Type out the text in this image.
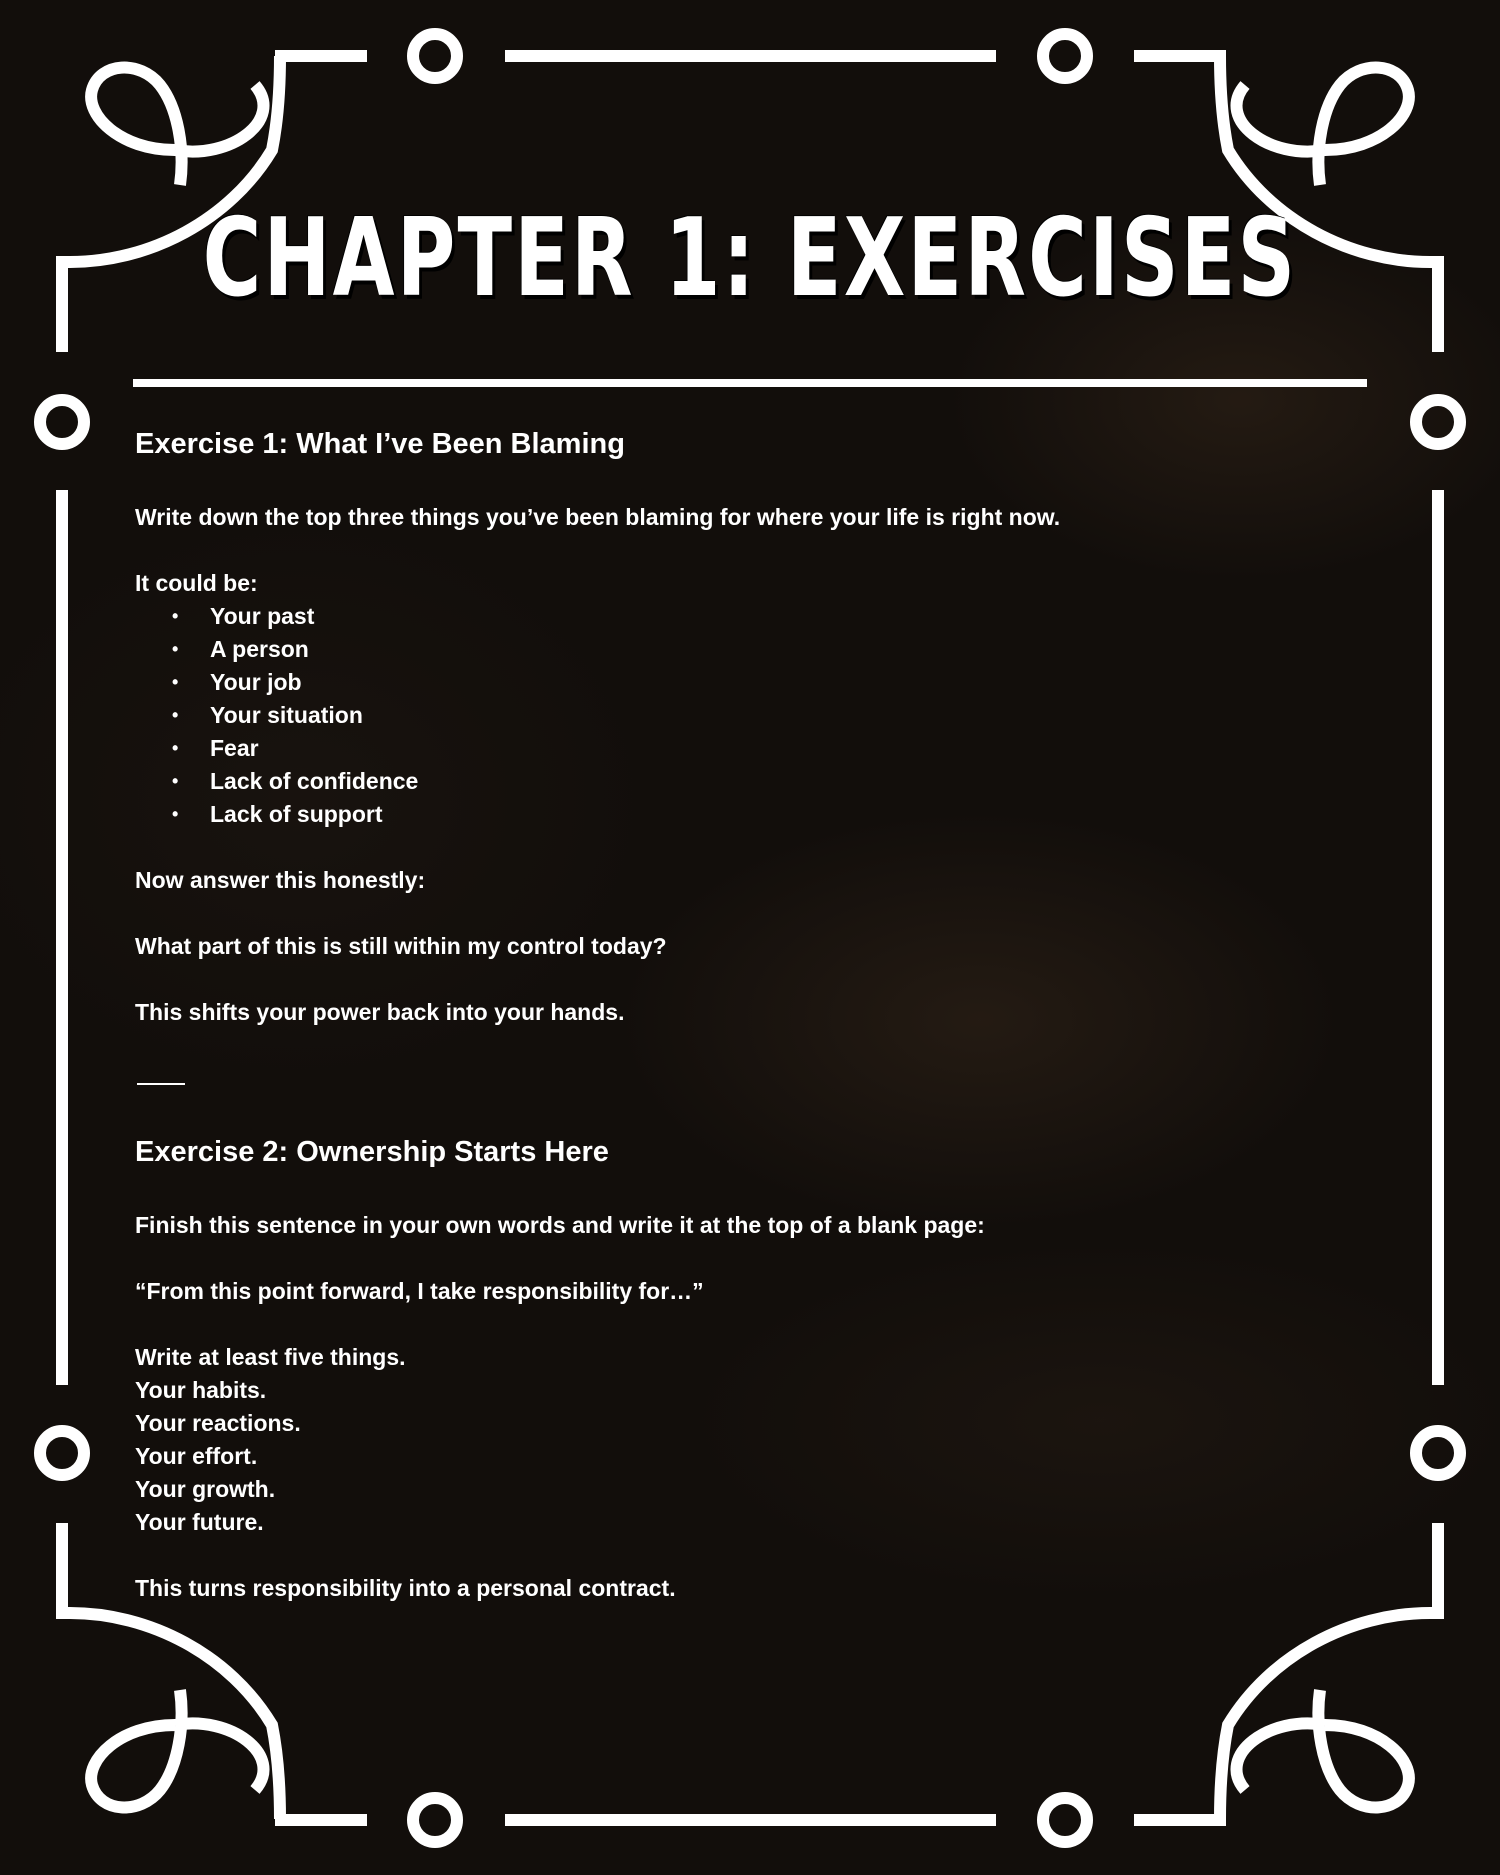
CHAPTER 1: EXERCISES
Exercise 1: What I’ve Been Blaming

Write down the top three things you’ve been blaming for where your life is right now.

It could be:

• Your past
• A person
• Your job
• Your situation
• Fear
• Lack of confidence
• Lack of support

Now answer this honestly:

What part of this is still within my control today?

This shifts your power back into your hands.

Exercise 2: Ownership Starts Here

Finish this sentence in your own words and write it at the top of a blank page:

“From this point forward, I take responsibility for…”

Write at least five things.

Your habits.

Your reactions.

Your effort.

Your growth.

Your future.

This turns responsibility into a personal contract.
